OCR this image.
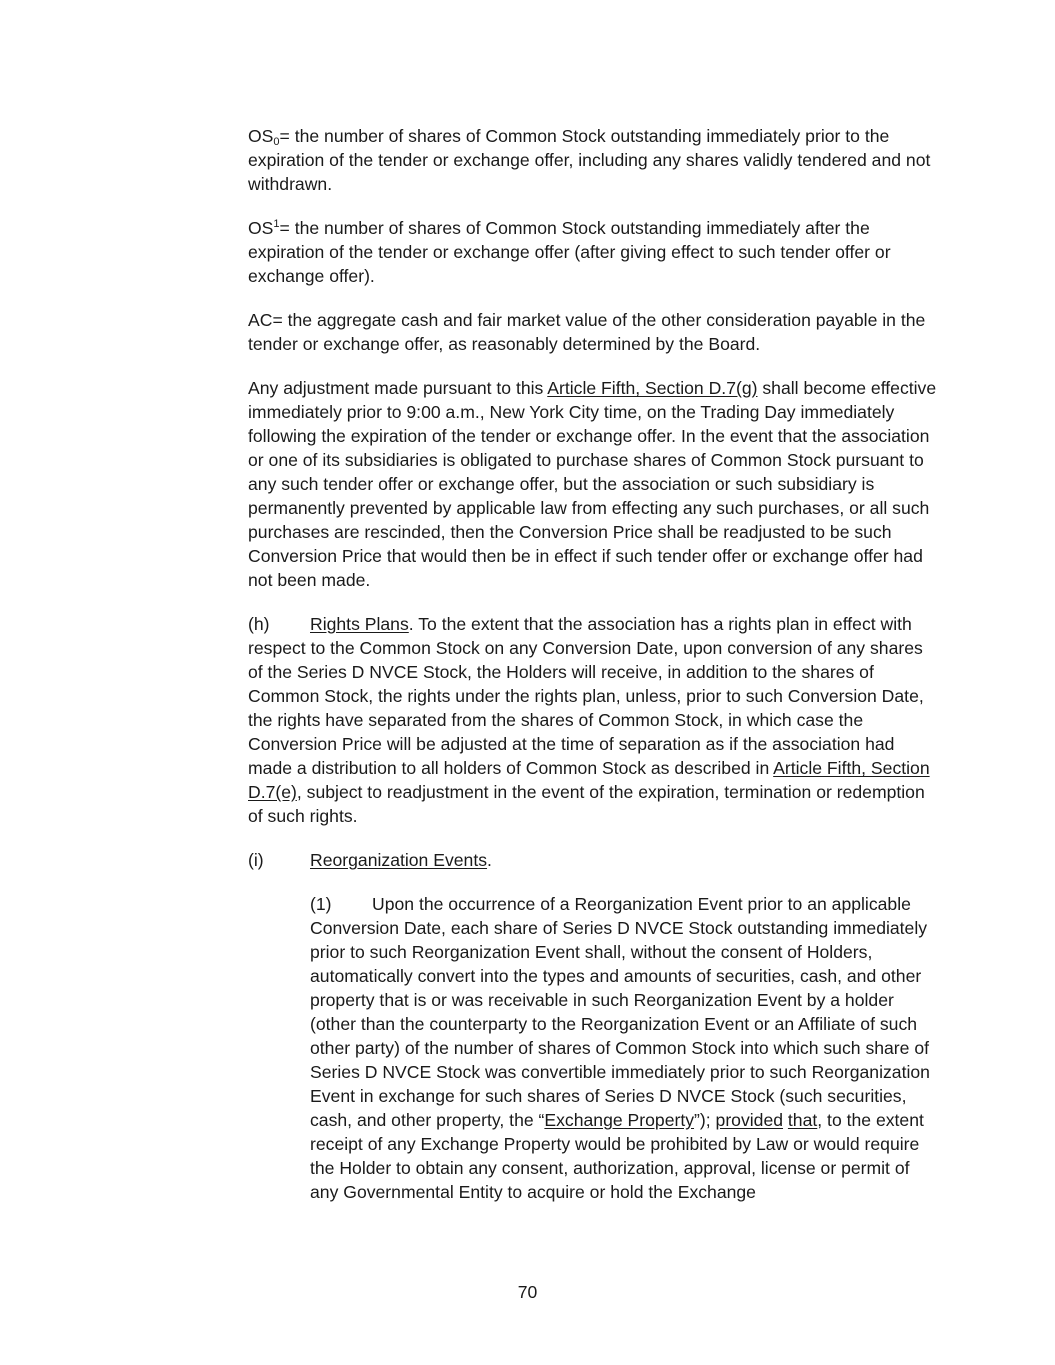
OS0= the number of shares of Common Stock outstanding immediately prior to the expiration of the tender or exchange offer, including any shares validly tendered and not withdrawn.

$OS^1=$ the number of shares of Common Stock outstanding immediately after the expiration of the tender or exchange offer (after giving effect to such tender offer or exchange offer).

AC= the aggregate cash and fair market value of the other consideration payable in the tender or exchange offer, as reasonably determined by the Board.

Any adjustment made pursuant to this Article Fifth, Section D.7(g) shall become effective immediately prior to 9:00 a.m., New York City time, on the Trading Day immediately following the expiration of the tender or exchange offer. In the event that the association or one of its subsidiaries is obligated to purchase shares of Common Stock pursuant to any such tender offer or exchange offer, but the association or such subsidiary is permanently prevented by applicable law from effecting any such purchases, or all such purchases are rescinded, then the Conversion Price shall be readjusted to be such Conversion Price that would then be in effect if such tender offer or exchange offer had not been made.

(h) Rights Plans. To the extent that the association has a rights plan in effect with respect to the Common Stock on any Conversion Date, upon conversion of any shares of the Series D NVCE Stock, the Holders will receive, in addition to the shares of Common Stock, the rights under the rights plan, unless, prior to such Conversion Date, the rights have separated from the shares of Common Stock, in which case the Conversion Price will be adjusted at the time of separation as if the association had made a distribution to all holders of Common Stock as described in Article Fifth, Section D.7(e), subject to readjustment in the event of the expiration, termination or redemption of such rights.

(i)	Reorganization Events.

(1) Upon the occurrence of a Reorganization Event prior to an applicable Conversion Date, each share of Series D NVCE Stock outstanding immediately prior to such Reorganization Event shall, without the consent of Holders, automatically convert into the types and amounts of securities, cash, and other property that is or was receivable in such Reorganization Event by a holder (other than the counterparty to the Reorganization Event or an Affiliate of such other party) of the number of shares of Common Stock into which such share of Series D NVCE Stock was convertible immediately prior to such Reorganization Event in exchange for such shares of Series D NVCE Stock (such securities, cash, and other property, the “Exchange Property”); provided that, to the extent receipt of any Exchange Property would be prohibited by Law or would require the Holder to obtain any consent, authorization, approval, license or permit of any Governmental Entity to acquire or hold the Exchange

70
